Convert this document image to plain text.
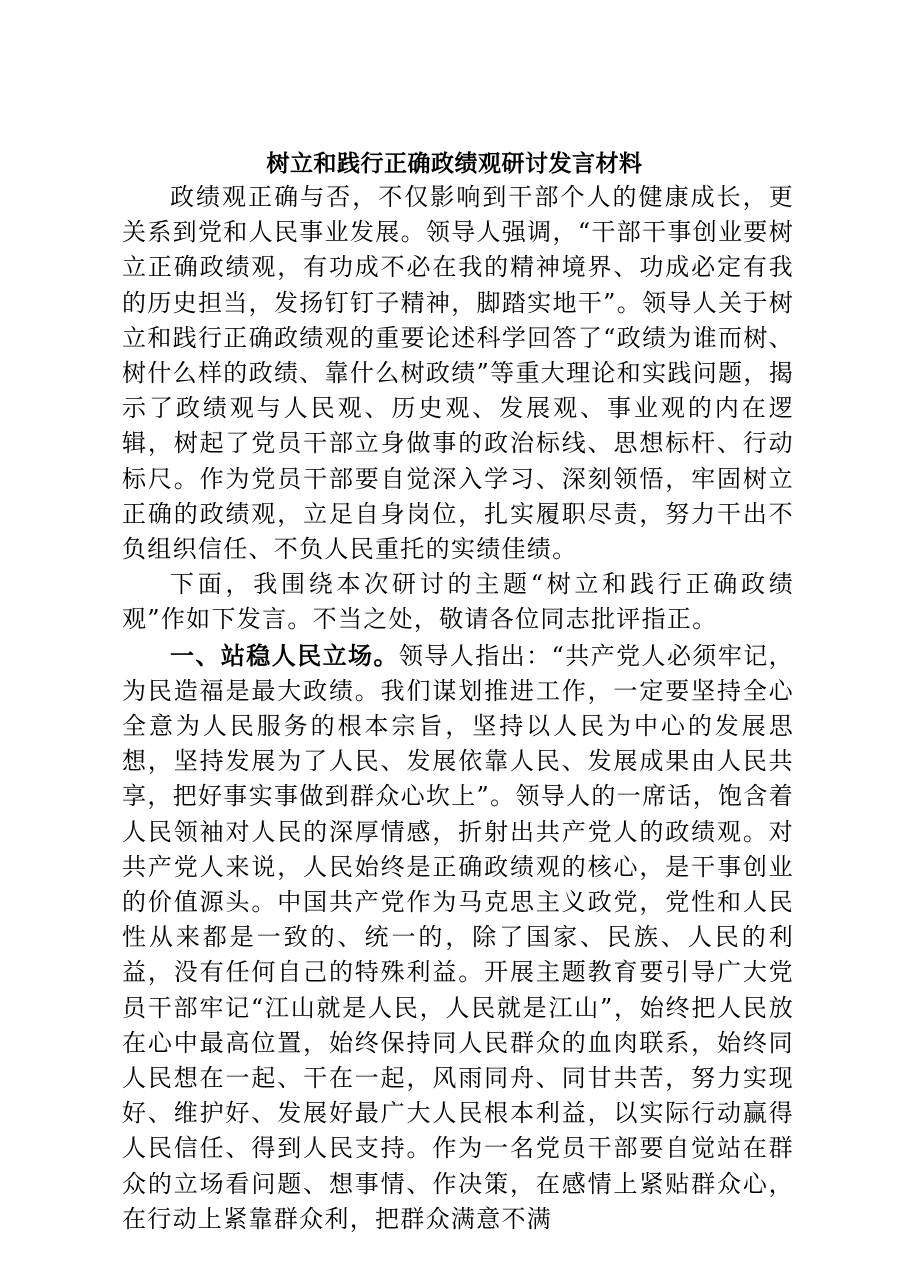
树立和践行正确政绩观研讨发言材料

政绩观正确与否，不仅影响到干部个人的健康成长，更关系到党和人民事业发展。领导人强调，“干部干事创业要树立正确政绩观，有功成不必在我的精神境界、功成必定有我的历史担当，发扬钉钉子精神，脚踏实地干”。领导人关于树立和践行正确政绩观的重要论述科学回答了“政绩为谁而树、树什么样的政绩、靠什么树政绩”等重大理论和实践问题，揭示了政绩观与人民观、历史观、发展观、事业观的内在逻辑，树起了党员干部立身做事的政治标线、思想标杆、行动标尺。作为党员干部要自觉深入学习、深刻领悟，牢固树立正确的政绩观，立足自身岗位，扎实履职尽责，努力干出不负组织信任、不负人民重托的实绩佳绩。

下面，我围绕本次研讨的主题“树立和践行正确政绩观”作如下发言。不当之处，敬请各位同志批评指正。

一、站稳人民立场。领导人指出：“共产党人必须牢记，为民造福是最大政绩。我们谋划推进工作，一定要坚持全心全意为人民服务的根本宗旨，坚持以人民为中心的发展思想，坚持发展为了人民、发展依靠人民、发展成果由人民共享，把好事实事做到群众心坎上”。领导人的一席话，饱含着人民领袖对人民的深厚情感，折射出共产党人的政绩观。对共产党人来说，人民始终是正确政绩观的核心，是干事创业的价值源头。中国共产党作为马克思主义政党，党性和人民性从来都是一致的、统一的，除了国家、民族、人民的利益，没有任何自己的特殊利益。开展主题教育要引导广大党员干部牢记“江山就是人民，人民就是江山”，始终把人民放在心中最高位置，始终保持同人民群众的血肉联系，始终同人民想在一起、干在一起，风雨同舟、同甘共苦，努力实现好、维护好、发展好最广大人民根本利益，以实际行动赢得人民信任、得到人民支持。作为一名党员干部要自觉站在群众的立场看问题、想事情、作决策，在感情上紧贴群众心，在行动上紧靠群众利，把群众满意不满
